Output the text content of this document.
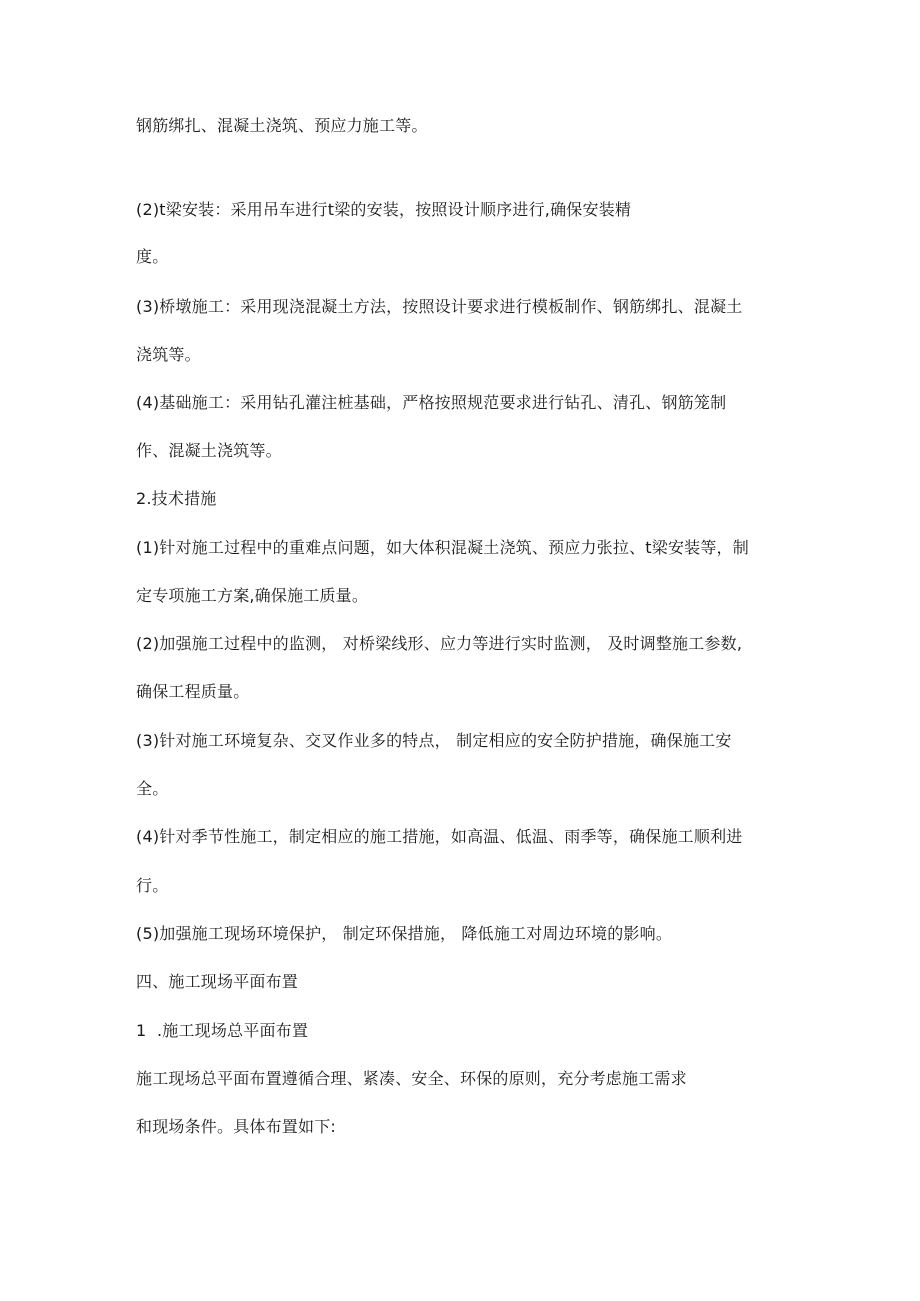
钢筋绑扎、混凝土浇筑、预应力施工等。
(2)t梁安装：采用吊车进行t梁的安装，按照设计顺序进行,确保安装精
度。
(3)桥墩施工：采用现浇混凝土方法，按照设计要求进行模板制作、钢筋绑扎、混凝土
浇筑等。
(4)基础施工：采用钻孔灌注桩基础，严格按照规范要求进行钻孔、清孔、钢筋笼制
作、混凝土浇筑等。
2.技术措施
(1)针对施工过程中的重难点问题，如大体积混凝土浇筑、预应力张拉、t梁安装等，制
定专项施工方案,确保施工质量。
(2)加强施工过程中的监测， 对桥梁线形、应力等进行实时监测， 及时调整施工参数,
确保工程质量。
(3)针对施工环境复杂、交叉作业多的特点， 制定相应的安全防护措施，确保施工安
全。
(4)针对季节性施工，制定相应的施工措施，如高温、低温、雨季等，确保施工顺利进
行。
(5)加强施工现场环境保护， 制定环保措施， 降低施工对周边环境的影响。
四、施工现场平面布置
1  .施工现场总平面布置
施工现场总平面布置遵循合理、紧凑、安全、环保的原则，充分考虑施工需求
和现场条件。具体布置如下:
